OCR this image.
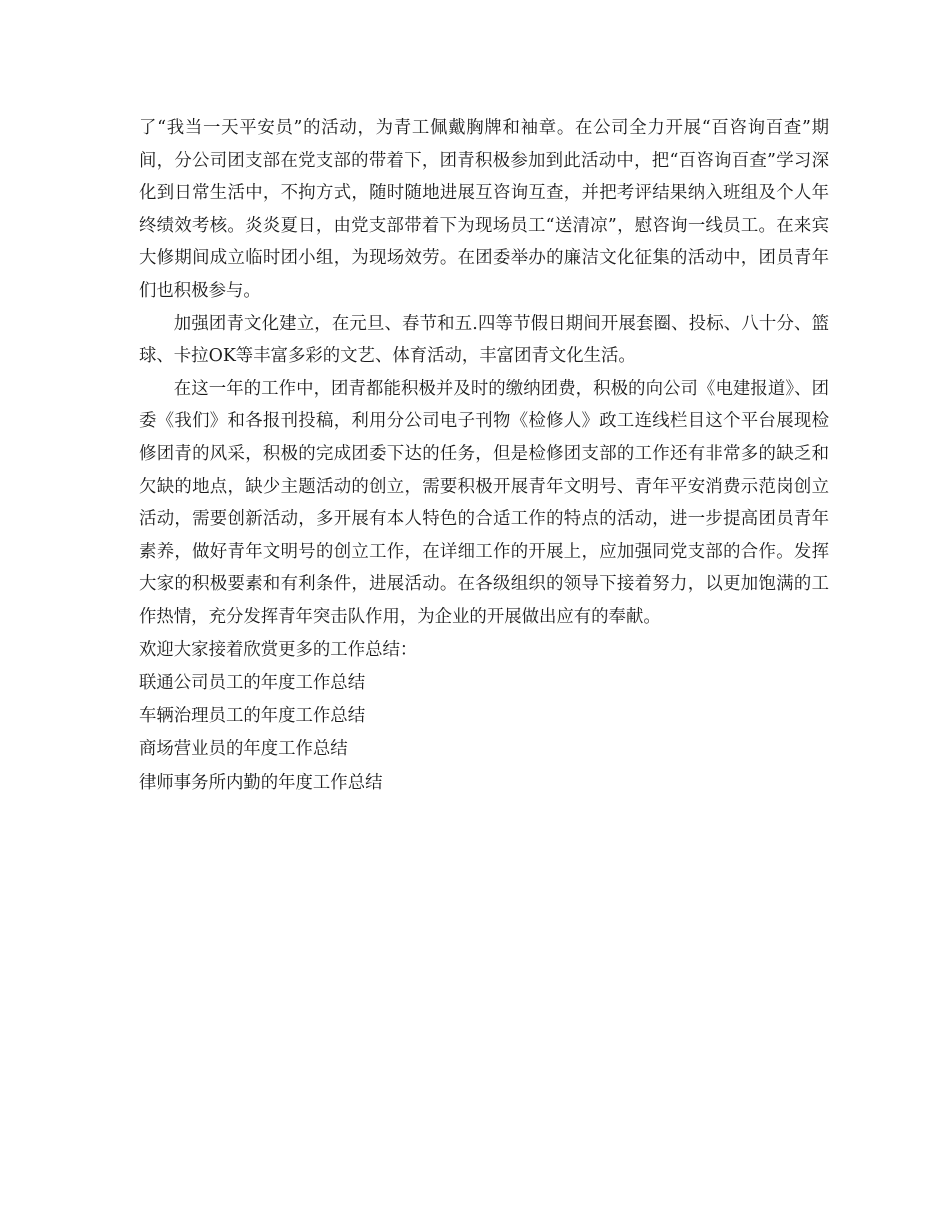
了“我当一天平安员”的活动，为青工佩戴胸牌和袖章。在公司全力开展“百咨询百查”期间，分公司团支部在党支部的带着下，团青积极参加到此活动中，把“百咨询百查”学习深化到日常生活中，不拘方式，随时随地进展互咨询互查，并把考评结果纳入班组及个人年终绩效考核。炎炎夏日，由党支部带着下为现场员工“送清凉”，慰咨询一线员工。在来宾大修期间成立临时团小组，为现场效劳。在团委举办的廉洁文化征集的活动中，团员青年们也积极参与。

加强团青文化建立，在元旦、春节和五.四等节假日期间开展套圈、投标、八十分、篮球、卡拉OK等丰富多彩的文艺、体育活动，丰富团青文化生活。

在这一年的工作中，团青都能积极并及时的缴纳团费，积极的向公司《电建报道》、团委《我们》和各报刊投稿，利用分公司电子刊物《检修人》政工连线栏目这个平台展现检修团青的风采，积极的完成团委下达的任务，但是检修团支部的工作还有非常多的缺乏和欠缺的地点，缺少主题活动的创立，需要积极开展青年文明号、青年平安消费示范岗创立活动，需要创新活动，多开展有本人特色的合适工作的特点的活动，进一步提高团员青年素养，做好青年文明号的创立工作，在详细工作的开展上，应加强同党支部的合作。发挥大家的积极要素和有利条件，进展活动。在各级组织的领导下接着努力，以更加饱满的工作热情，充分发挥青年突击队作用，为企业的开展做出应有的奉献。

欢迎大家接着欣赏更多的工作总结：
联通公司员工的年度工作总结
车辆治理员工的年度工作总结
商场营业员的年度工作总结
律师事务所内勤的年度工作总结
